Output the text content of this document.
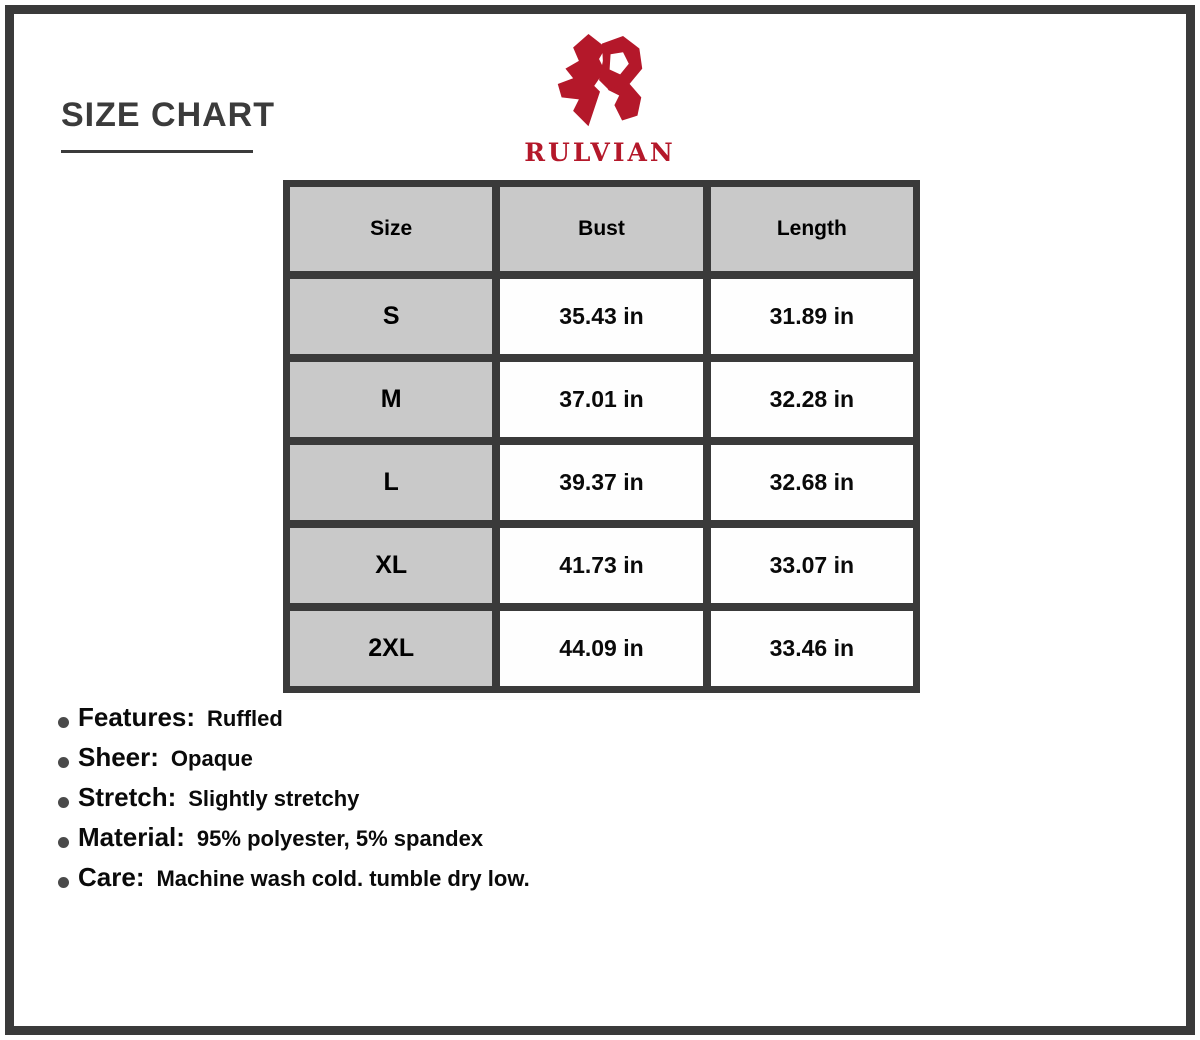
SIZE CHART
RULVIAN
Size	Bust	Length
S	35.43 in	31.89 in
M	37.01 in	32.28 in
L	39.37 in	32.68 in
XL	41.73 in	33.07 in
2XL	44.09 in	33.46 in
Features: Ruffled
Sheer: Opaque
Stretch: Slightly stretchy
Material: 95% polyester, 5% spandex
Care: Machine wash cold. tumble dry low.
